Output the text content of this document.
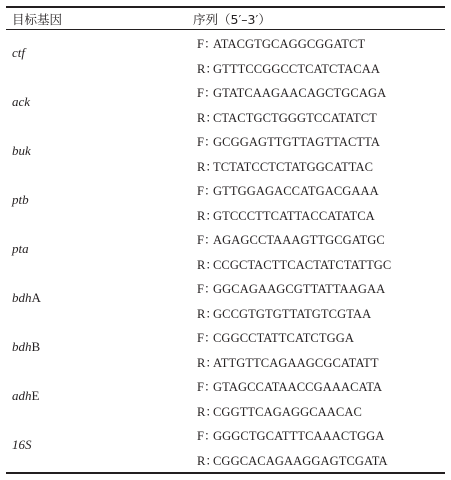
目标基因	序列（5′–3′）
ctf
F：ATACGTGCAGGCGGATCT
R：GTTTCCGGCCTCATCTACAA
ack
F：GTATCAAGAACAGCTGCAGA
R：CTACTGCTGGGTCCATATCT
buk
F：GCGGAGTTGTTAGTTACTTA
R：TCTATCCTCTATGGCATTAC
ptb
F：GTTGGAGACCATGACGAAA
R：GTCCCTTCATTACCATATCA
pta
F：AGAGCCTAAAGTTGCGATGC
R：CCGCTACTTCACTATCTATTGC
bdhA
F：GGCAGAAGCGTTATTAAGAA
R：GCCGTGTGTTATGTCGTAA
bdhB
F：CGGCCTATTCATCTGGA
R：ATTGTTCAGAAGCGCATATT
adhE
F：GTAGCCATAACCGAAACATA
R：CGGTTCAGAGGCAACAC
16S
F：GGGCTGCATTTCAAACTGGA
R：CGGCACAGAAGGAGTCGATA
